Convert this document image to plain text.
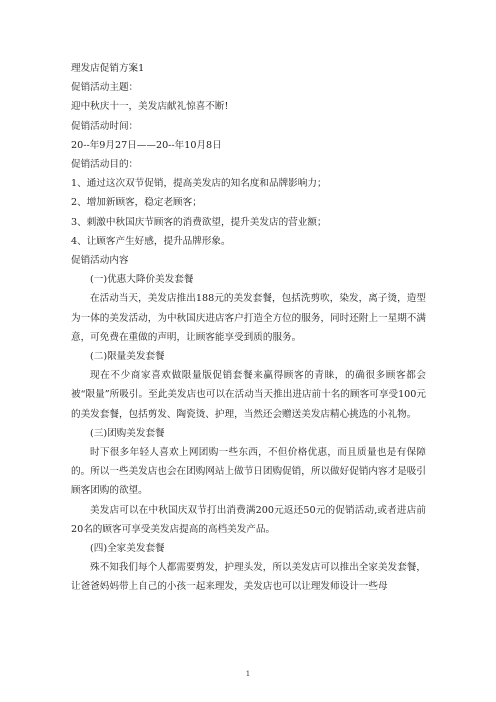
理发店促销方案1
促销活动主题：
迎中秋庆十一，美发店献礼惊喜不断!
促销活动时间：
20--年9月27日——20--年10月8日
促销活动目的：
1、通过这次双节促销，提高美发店的知名度和品牌影响力；
2、增加新顾客，稳定老顾客；
3、刺激中秋国庆节顾客的消费欲望，提升美发店的营业额；
4、让顾客产生好感，提升品牌形象。
促销活动内容
(一)优惠大降价美发套餐

在活动当天，美发店推出188元的美发套餐，包括洗剪吹，染发，离子烫，造型为一体的美发活动，为中秋国庆进店客户打造全方位的服务，同时还附上一星期不满意，可免费在重做的声明，让顾客能享受到质的服务。

(二)限量美发套餐

现在不少商家喜欢做限量版促销套餐来赢得顾客的青睐，的确很多顾客都会被“限量”所吸引。至此美发店也可以在活动当天推出进店前十名的顾客可享受100元的美发套餐，包括剪发、陶瓷烫、护理，当然还会赠送美发店精心挑选的小礼物。

(三)团购美发套餐

时下很多年轻人喜欢上网团购一些东西，不但价格优惠，而且质量也是有保障的。所以一些美发店也会在团购网站上做节日团购促销，所以做好促销内容才是吸引顾客团购的欲望。

美发店可以在中秋国庆双节打出消费满200元返还50元的促销活动,或者进店前20名的顾客可享受美发店提高的高档美发产品。

(四)全家美发套餐

殊不知我们每个人都需要剪发，护理头发，所以美发店可以推出全家美发套餐，让爸爸妈妈带上自己的小孩一起来理发，美发店也可以让理发师设计一些母

1
